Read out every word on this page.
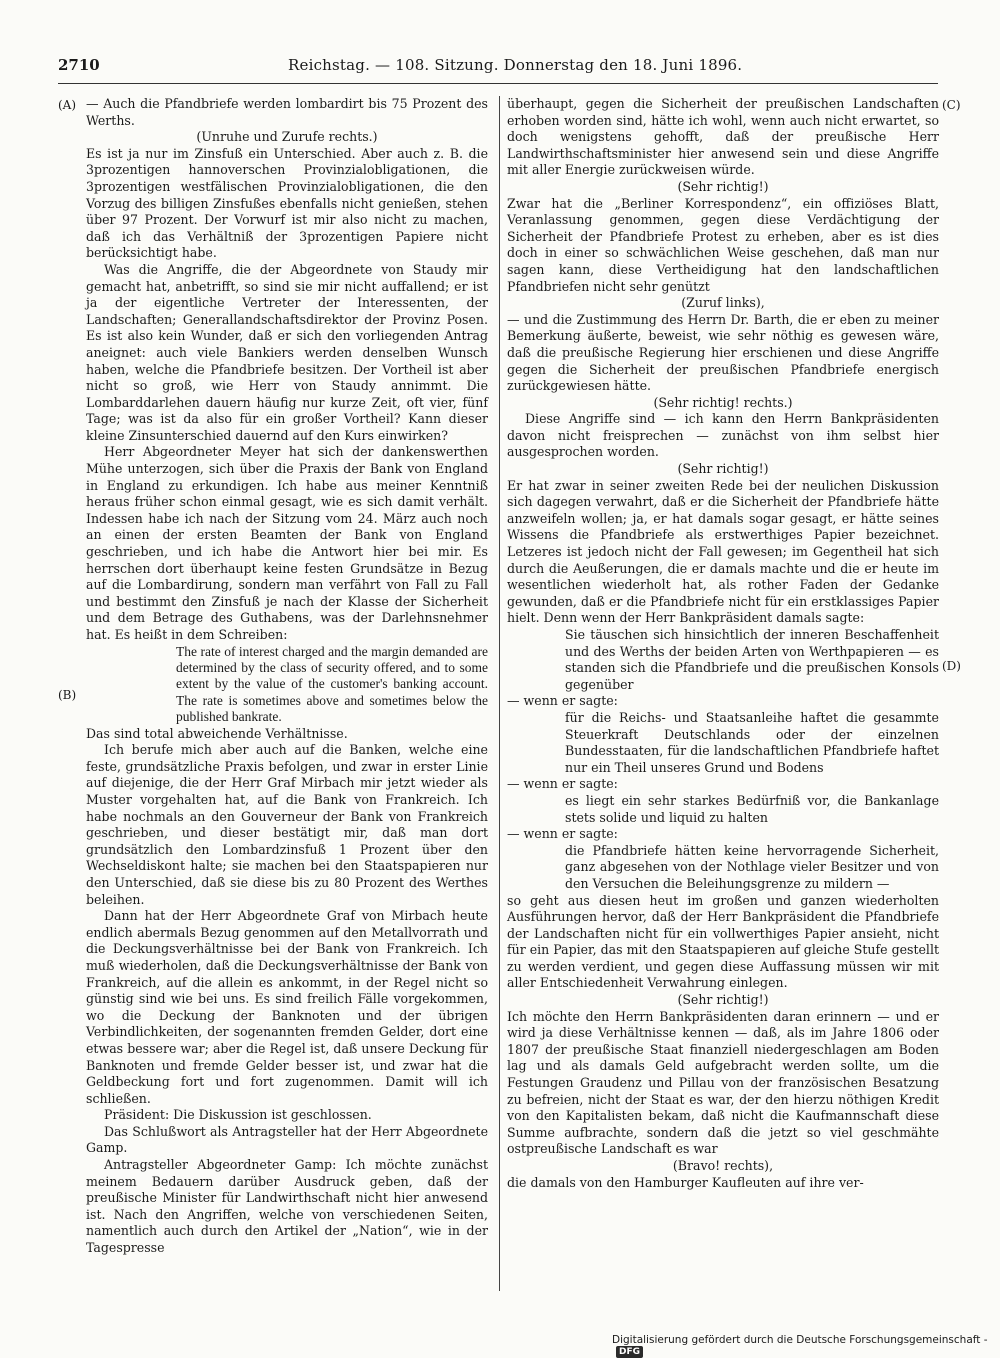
2710	Reichstag. — 108. Sitzung. Donnerstag den 18. Juni 1896.
(A)
(B)
(C)
(D)

— Auch die Pfandbriefe werden lombardirt bis 75 Prozent des Werths.

(Unruhe und Zurufe rechts.)

Es ist ja nur im Zinsfuß ein Unterschied. Aber auch z. B. die 3prozentigen hannoverschen Provinzialobligationen, die 3prozentigen westfälischen Provinzialobligationen, die den Vorzug des billigen Zinsfußes ebenfalls nicht genießen, stehen über 97 Prozent. Der Vorwurf ist mir also nicht zu machen, daß ich das Verhältniß der 3prozentigen Papiere nicht berücksichtigt habe.

Was die Angriffe, die der Abgeordnete von Staudy mir gemacht hat, anbetrifft, so sind sie mir nicht auffallend; er ist ja der eigentliche Vertreter der Interessenten, der Landschaften; Generallandschaftsdirektor der Provinz Posen. Es ist also kein Wunder, daß er sich den vorliegenden Antrag aneignet: auch viele Bankiers werden denselben Wunsch haben, welche die Pfandbriefe besitzen. Der Vortheil ist aber nicht so groß, wie Herr von Staudy annimmt. Die Lombarddarlehen dauern häufig nur kurze Zeit, oft vier, fünf Tage; was ist da also für ein großer Vortheil? Kann dieser kleine Zinsunterschied dauernd auf den Kurs einwirken?

Herr Abgeordneter Meyer hat sich der dankenswerthen Mühe unterzogen, sich über die Praxis der Bank von England in England zu erkundigen. Ich habe aus meiner Kenntniß heraus früher schon einmal gesagt, wie es sich damit verhält. Indessen habe ich nach der Sitzung vom 24. März auch noch an einen der ersten Beamten der Bank von England geschrieben, und ich habe die Antwort hier bei mir. Es herrschen dort überhaupt keine festen Grundsätze in Bezug auf die Lombardirung, sondern man verfährt von Fall zu Fall und bestimmt den Zinsfuß je nach der Klasse der Sicherheit und dem Betrage des Guthabens, was der Darlehnsnehmer hat. Es heißt in dem Schreiben:

The rate of interest charged and the margin demanded are determined by the class of security offered, and to some extent by the value of the customer's banking account. The rate is sometimes above and sometimes below the published bankrate.

Das sind total abweichende Verhältnisse.

Ich berufe mich aber auch auf die Banken, welche eine feste, grundsätzliche Praxis befolgen, und zwar in erster Linie auf diejenige, die der Herr Graf Mirbach mir jetzt wieder als Muster vorgehalten hat, auf die Bank von Frankreich. Ich habe nochmals an den Gouverneur der Bank von Frankreich geschrieben, und dieser bestätigt mir, daß man dort grundsätzlich den Lombardzinsfuß 1 Prozent über den Wechseldiskont halte; sie machen bei den Staatspapieren nur den Unterschied, daß sie diese bis zu 80 Prozent des Werthes beleihen.

Dann hat der Herr Abgeordnete Graf von Mirbach heute endlich abermals Bezug genommen auf den Metallvorrath und die Deckungsverhältnisse bei der Bank von Frankreich. Ich muß wiederholen, daß die Deckungsverhältnisse der Bank von Frankreich, auf die allein es ankommt, in der Regel nicht so günstig sind wie bei uns. Es sind freilich Fälle vorgekommen, wo die Deckung der Banknoten und der übrigen Verbindlichkeiten, der sogenannten fremden Gelder, dort eine etwas bessere war; aber die Regel ist, daß unsere Deckung für Banknoten und fremde Gelder besser ist, und zwar hat die Geldbeckung fort und fort zugenommen. Damit will ich schließen.

Präsident: Die Diskussion ist geschlossen.

Das Schlußwort als Antragsteller hat der Herr Abgeordnete Gamp.

Antragsteller Abgeordneter Gamp: Ich möchte zunächst meinem Bedauern darüber Ausdruck geben, daß der preußische Minister für Landwirthschaft nicht hier anwesend ist. Nach den Angriffen, welche von verschiedenen Seiten, namentlich auch durch den Artikel der „Nation“, wie in der Tagespresse

überhaupt, gegen die Sicherheit der preußischen Landschaften erhoben worden sind, hätte ich wohl, wenn auch nicht erwartet, so doch wenigstens gehofft, daß der preußische Herr Landwirthschaftsminister hier anwesend sein und diese Angriffe mit aller Energie zurückweisen würde.

(Sehr richtig!)

Zwar hat die „Berliner Korrespondenz“, ein offiziöses Blatt, Veranlassung genommen, gegen diese Verdächtigung der Sicherheit der Pfandbriefe Protest zu erheben, aber es ist dies doch in einer so schwächlichen Weise geschehen, daß man nur sagen kann, diese Vertheidigung hat den landschaftlichen Pfandbriefen nicht sehr genützt

(Zuruf links),

— und die Zustimmung des Herrn Dr. Barth, die er eben zu meiner Bemerkung äußerte, beweist, wie sehr nöthig es gewesen wäre, daß die preußische Regierung hier erschienen und diese Angriffe gegen die Sicherheit der preußischen Pfandbriefe energisch zurückgewiesen hätte.

(Sehr richtig! rechts.)

Diese Angriffe sind — ich kann den Herrn Bankpräsidenten davon nicht freisprechen — zunächst von ihm selbst hier ausgesprochen worden.

(Sehr richtig!)

Er hat zwar in seiner zweiten Rede bei der neulichen Diskussion sich dagegen verwahrt, daß er die Sicherheit der Pfandbriefe hätte anzweifeln wollen; ja, er hat damals sogar gesagt, er hätte seines Wissens die Pfandbriefe als erstwerthiges Papier bezeichnet. Letzeres ist jedoch nicht der Fall gewesen; im Gegentheil hat sich durch die Aeußerungen, die er damals machte und die er heute im wesentlichen wiederholt hat, als rother Faden der Gedanke gewunden, daß er die Pfandbriefe nicht für ein erstklassiges Papier hielt. Denn wenn der Herr Bankpräsident damals sagte:

Sie täuschen sich hinsichtlich der inneren Beschaffenheit und des Werths der beiden Arten von Werthpapieren — es standen sich die Pfandbriefe und die preußischen Konsols gegenüber

— wenn er sagte:

für die Reichs- und Staatsanleihe haftet die gesammte Steuerkraft Deutschlands oder der einzelnen Bundesstaaten, für die landschaftlichen Pfandbriefe haftet nur ein Theil unseres Grund und Bodens

— wenn er sagte:

es liegt ein sehr starkes Bedürfniß vor, die Bankanlage stets solide und liquid zu halten

— wenn er sagte:

die Pfandbriefe hätten keine hervorragende Sicherheit, ganz abgesehen von der Nothlage vieler Besitzer und von den Versuchen die Beleihungsgrenze zu mildern —

so geht aus diesen heut im großen und ganzen wiederholten Ausführungen hervor, daß der Herr Bankpräsident die Pfandbriefe der Landschaften nicht für ein vollwerthiges Papier ansieht, nicht für ein Papier, das mit den Staatspapieren auf gleiche Stufe gestellt zu werden verdient, und gegen diese Auffassung müssen wir mit aller Entschiedenheit Verwahrung einlegen.

(Sehr richtig!)

Ich möchte den Herrn Bankpräsidenten daran erinnern — und er wird ja diese Verhältnisse kennen — daß, als im Jahre 1806 oder 1807 der preußische Staat finanziell niedergeschlagen am Boden lag und als damals Geld aufgebracht werden sollte, um die Festungen Graudenz und Pillau von der französischen Besatzung zu befreien, nicht der Staat es war, der den hierzu nöthigen Kredit von den Kapitalisten bekam, daß nicht die Kaufmannschaft diese Summe aufbrachte, sondern daß die jetzt so viel geschmähte ostpreußische Landschaft es war

(Bravo! rechts),

die damals von den Hamburger Kaufleuten auf ihre ver-

Digitalisierung gefördert durch die Deutsche Forschungsgemeinschaft - DFG
